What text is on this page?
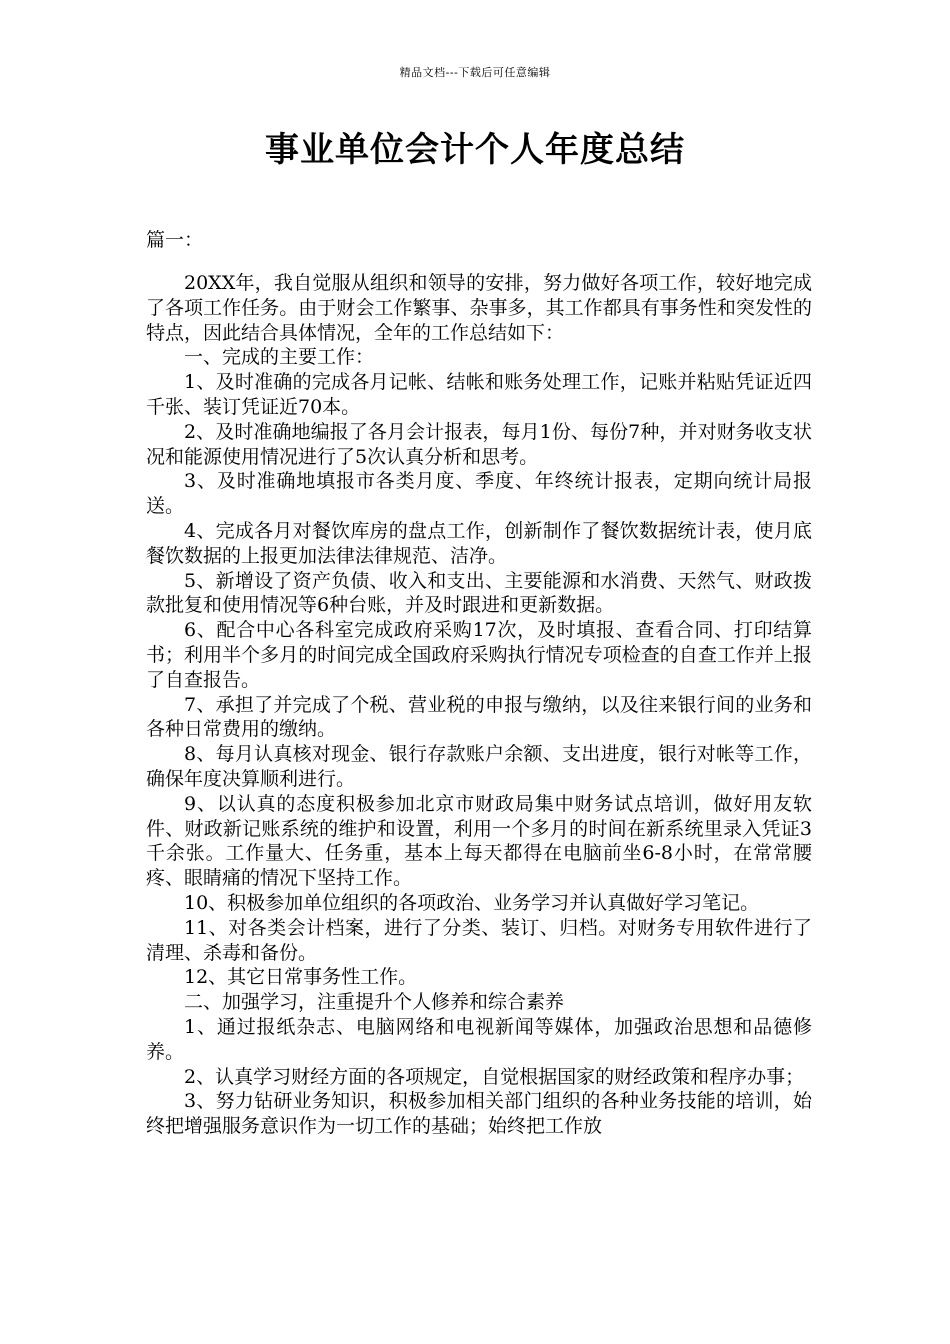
精品文档---下载后可任意编辑
事业单位会计个人年度总结
篇一：

20XX年，我自觉服从组织和领导的安排，努力做好各项工作，较好地完成了各项工作任务。由于财会工作繁事、杂事多，其工作都具有事务性和突发性的特点，因此结合具体情况，全年的工作总结如下：

一、完成的主要工作：

1、及时准确的完成各月记帐、结帐和账务处理工作，记账并粘贴凭证近四千张、装订凭证近70本。

2、及时准确地编报了各月会计报表，每月1份、每份7种，并对财务收支状况和能源使用情况进行了5次认真分析和思考。

3、及时准确地填报市各类月度、季度、年终统计报表，定期向统计局报送。

4、完成各月对餐饮库房的盘点工作，创新制作了餐饮数据统计表，使月底餐饮数据的上报更加法律法律规范、洁净。

5、新增设了资产负债、收入和支出、主要能源和水消费、天然气、财政拨款批复和使用情况等6种台账，并及时跟进和更新数据。

6、配合中心各科室完成政府采购17次，及时填报、查看合同、打印结算书；利用半个多月的时间完成全国政府采购执行情况专项检查的自查工作并上报了自查报告。

7、承担了并完成了个税、营业税的申报与缴纳，以及往来银行间的业务和各种日常费用的缴纳。

8、每月认真核对现金、银行存款账户余额、支出进度，银行对帐等工作，确保年度决算顺利进行。

9、以认真的态度积极参加北京市财政局集中财务试点培训，做好用友软件、财政新记账系统的维护和设置，利用一个多月的时间在新系统里录入凭证3千余张。工作量大、任务重，基本上每天都得在电脑前坐6-8小时，在常常腰疼、眼睛痛的情况下坚持工作。

10、积极参加单位组织的各项政治、业务学习并认真做好学习笔记。

11、对各类会计档案，进行了分类、装订、归档。对财务专用软件进行了清理、杀毒和备份。

12、其它日常事务性工作。

二、加强学习，注重提升个人修养和综合素养

1、通过报纸杂志、电脑网络和电视新闻等媒体，加强政治思想和品德修养。

2、认真学习财经方面的各项规定，自觉根据国家的财经政策和程序办事；

3、努力钻研业务知识，积极参加相关部门组织的各种业务技能的培训，始终把增强服务意识作为一切工作的基础；始终把工作放
